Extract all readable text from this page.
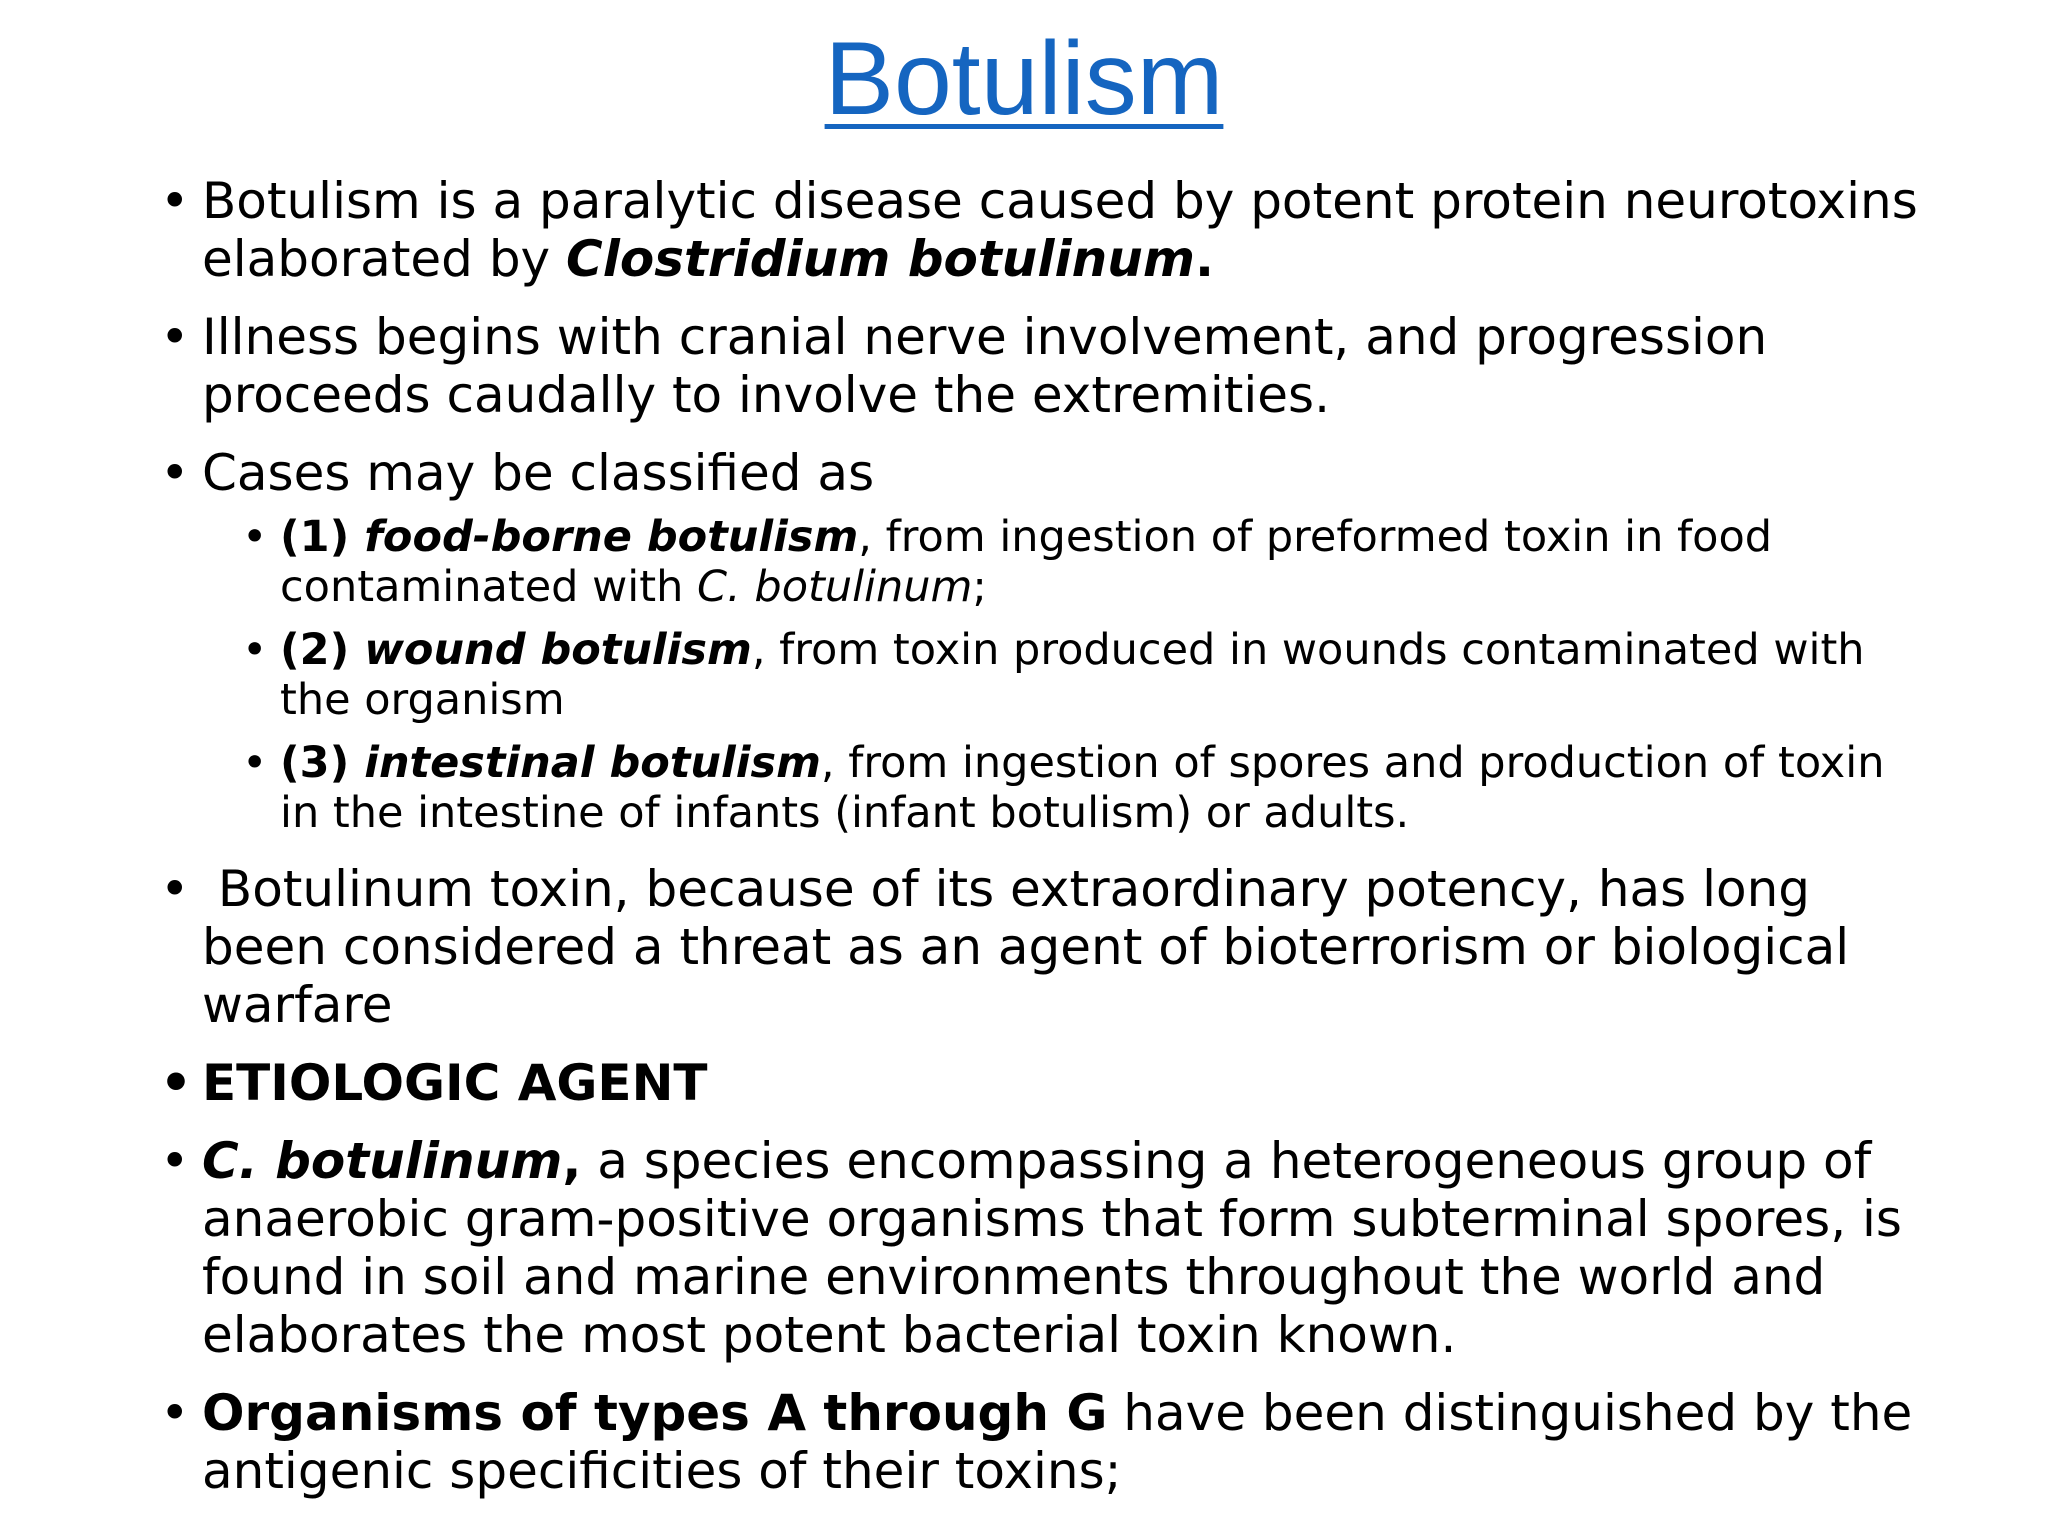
Botulism
• Botulism is a paralytic disease caused by potent protein neurotoxins elaborated by Clostridium botulinum.
• Illness begins with cranial nerve involvement, and progression proceeds caudally to involve the extremities.
• Cases may be classified as
• (1) food-borne botulism, from ingestion of preformed toxin in food contaminated with C. botulinum;
• (2) wound botulism, from toxin produced in wounds contaminated with the organism
• (3) intestinal botulism, from ingestion of spores and production of toxin in the intestine of infants (infant botulism) or adults.
•  Botulinum toxin, because of its extraordinary potency, has long been considered a threat as an agent of bioterrorism or biological warfare
• ETIOLOGIC AGENT
• C. botulinum, a species encompassing a heterogeneous group of anaerobic gram-positive organisms that form subterminal spores, is found in soil and marine environments throughout the world and elaborates the most potent bacterial toxin known.
• Organisms of types A through G have been distinguished by the antigenic specificities of their toxins;
